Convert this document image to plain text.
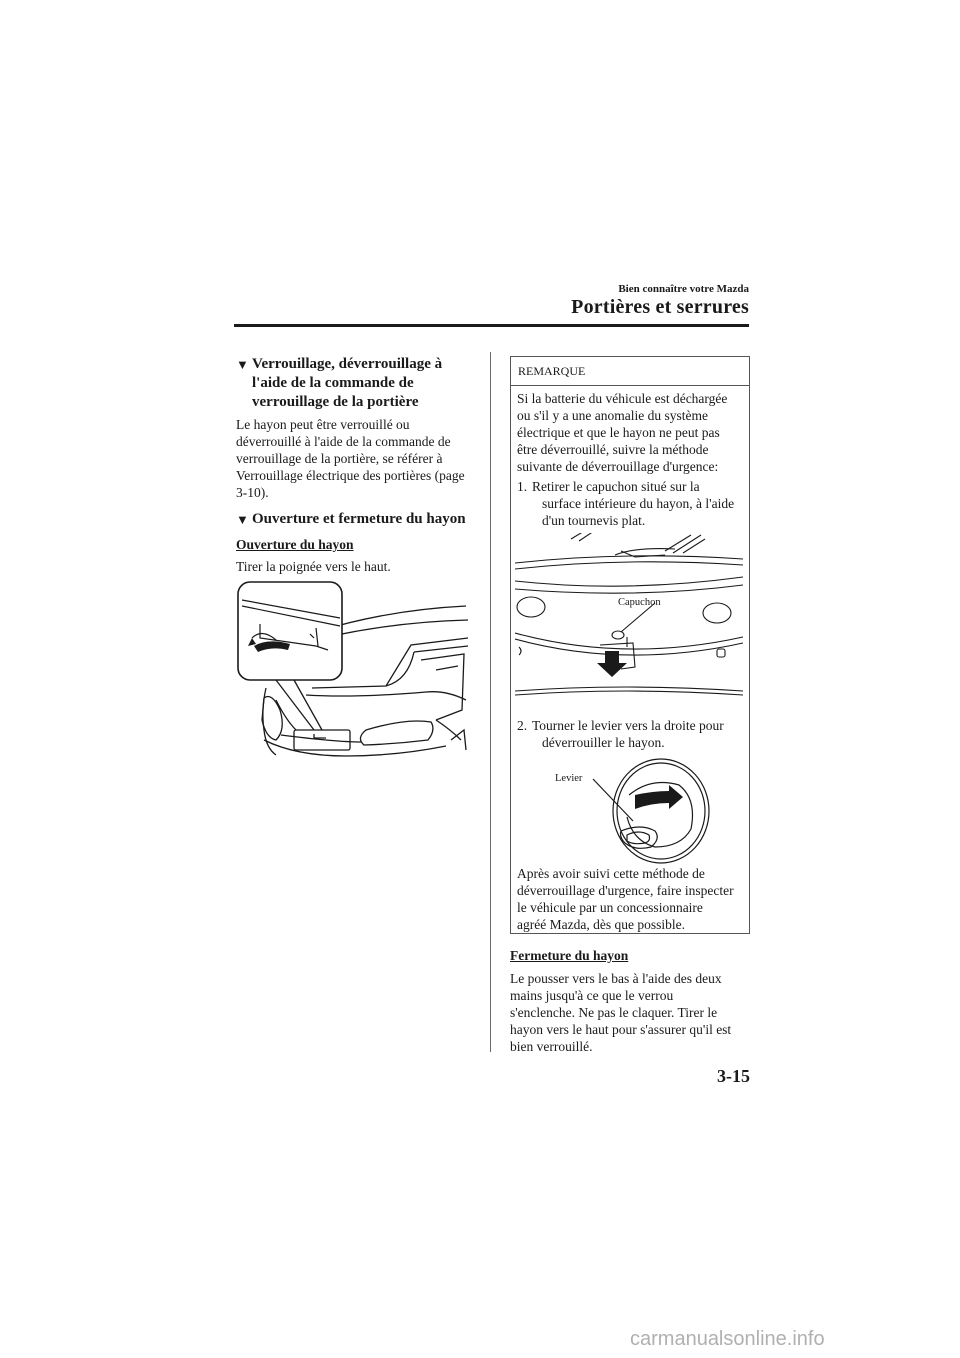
Bien connaître votre Mazda
Portières et serrures
▼ Verrouillage, déverrouillage à
l'aide de la commande de
verrouillage de la portière
Le hayon peut être verrouillé ou
déverrouillé à l'aide de la commande de
verrouillage de la portière, se référer à
Verrouillage électrique des portières (page
3-10).
▼ Ouverture et fermeture du hayon
Ouverture du hayon
Tirer la poignée vers le haut.
REMARQUE

Si la batterie du véhicule est déchargée

ou s'il y a une anomalie du système

électrique et que le hayon ne peut pas

être déverrouillé, suivre la méthode

suivante de déverrouillage d'urgence:

1. Retirer le capuchon situé sur la

surface intérieure du hayon, à l'aide

d'un tournevis plat.

Capuchon
2. Tourner le levier vers la droite pour

déverrouiller le hayon.

Levier

Après avoir suivi cette méthode de

déverrouillage d'urgence, faire inspecter

le véhicule par un concessionnaire

agréé Mazda, dès que possible.

Fermeture du hayon
Le pousser vers le bas à l'aide des deux
mains jusqu'à ce que le verrou
s'enclenche. Ne pas le claquer. Tirer le
hayon vers le haut pour s'assurer qu'il est
bien verrouillé.
3-15
carmanualsonline.info
